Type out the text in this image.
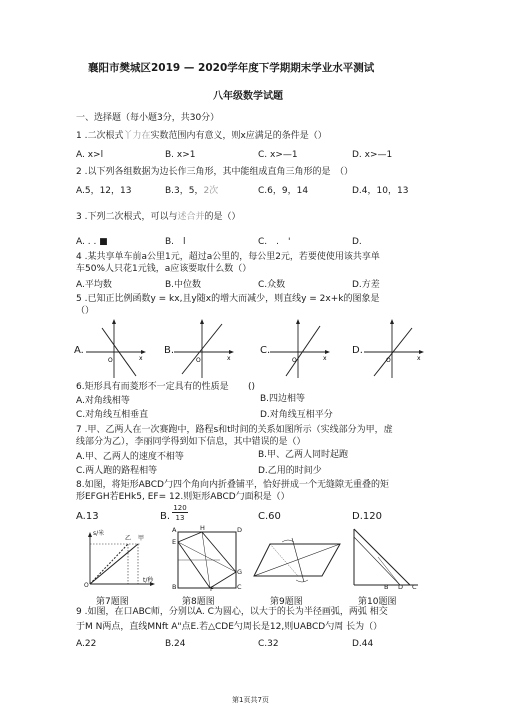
襄阳市樊城区2019 — 2020学年度下学期期末学业水平测试
八年级数学试题
一、选择题（每小题3分，共30分）
1 .二次根式丫力在实数范围内有意义，则x应满足的条件是（）
A. x>l	B. x>1	C. x>—1	D. x>—1
2 .以下列各组数据为边长作三角形，其中能组成直角三角形的是　（）
A.5，12，13	B.3，5，2次	C.6，9，14	D.4，10，13
3 .下列二次根式，可以与述合并的是（）
A. . . ■	B.　l	C.　.　'	D.
4 .某共享单车前a公里1元，超过a公里的，每公里2元，若要使使用该共享单
车50%人只花1元钱，a应该要取什么数（）
A.平均数	B.中位数	C.众数	D.方差
5 .已知正比例函数y = kx,且y随x的增大而减少，则直线y = 2x+k的图象是
（）
A.
O	x
B.
O	x
C.
O	x
D.
O	x
6.矩形具有而菱形不一定具有的性质是 ()
A.对角线相等	B.四边相等
C.对角线互相垂直	D.对角线互相平分
7 .甲、乙两人在一次赛跑中，路程s和t时间的关系如图所示（实线部分为甲，虚
线部分为乙），李丽同学得到如下信息，其中错误的是（）
A.甲、乙两人的速度不相等	B.甲、乙两人同时起跑
C.两人跑的路程相等	D.乙用的时间少
8.如图，将矩形ABCD勹四个角向内折叠铺平，恰好拼成一个无缝隙无重叠的矩
形EFGH若EHk5, EF= 12.则矩形ABCD勹面积是（）
A.13	B.
120
13	C.60	D.120
s/米
乙 甲
t/秒
O
第7题图
A	H	D
E
G
B	F	C
第8题图	第9题图
B D C
第10题图
9 .如图，在口ABC师，分别以A. C为圆心，以大于的长为半径画弧，两弧 相交
于M N两点，直线MNft A"点E.若△CDE勺周长是12,则UABCD勺周 长为（）
A.22	B.24	C.32	D.44
第1页共7页
